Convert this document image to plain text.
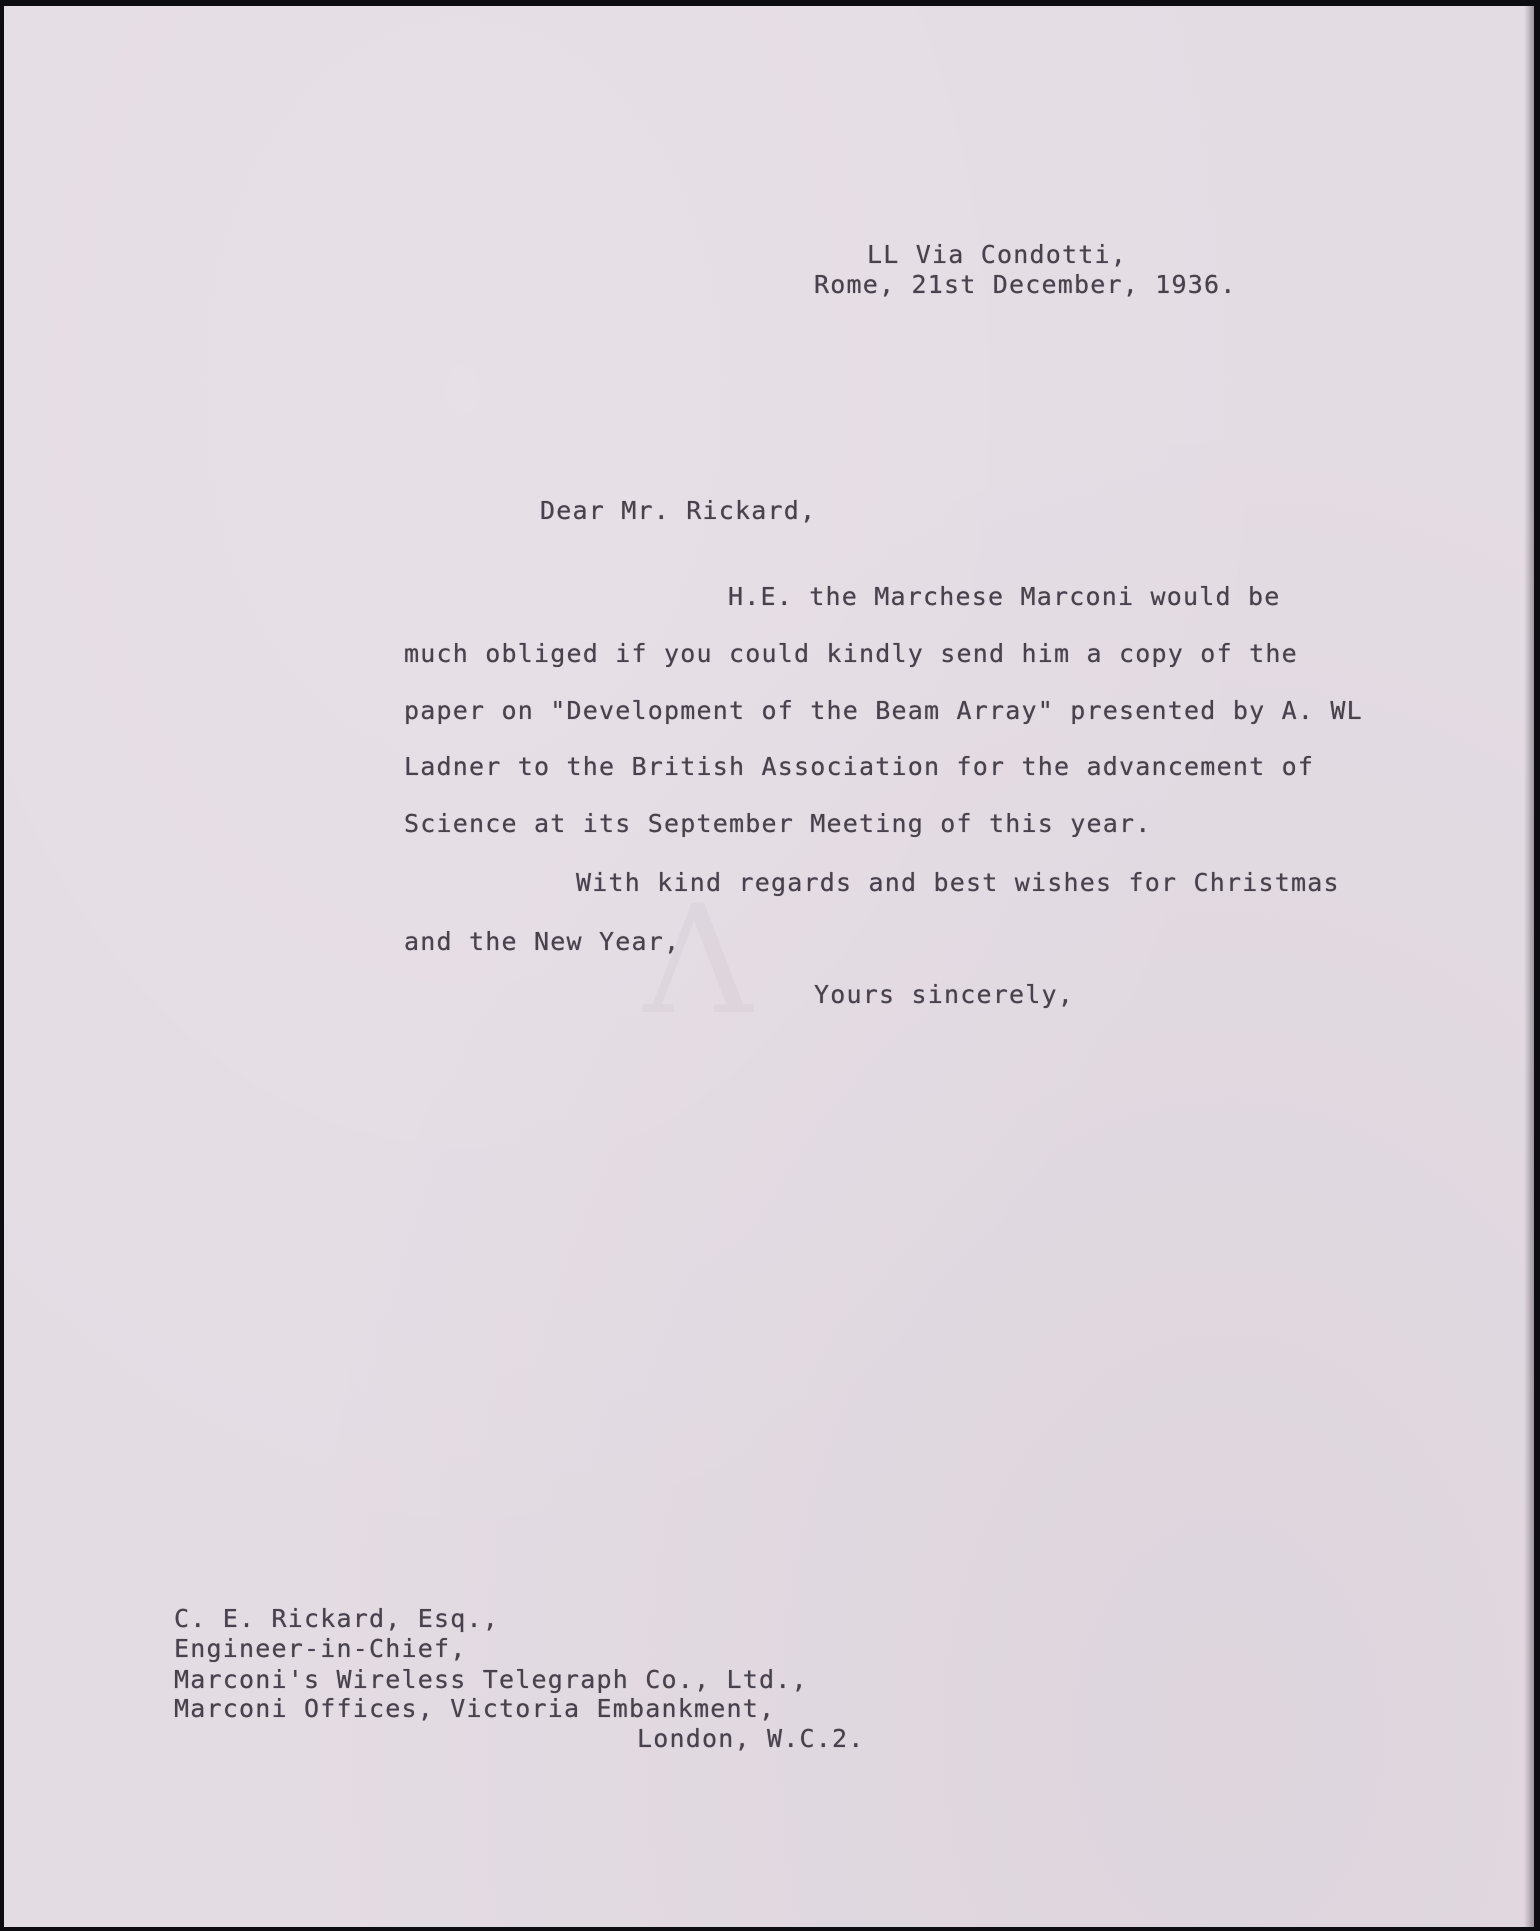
Ʌ

LL Via Condotti,

Rome, 21st December, 1936.

Dear Mr. Rickard,

H.E. the Marchese Marconi would be

much obliged if you could kindly send him a copy of the

paper on "Development of the Beam Array" presented by A. WL

Ladner to the British Association for the advancement of

Science at its September Meeting of this year.

With kind regards and best wishes for Christmas

and the New Year,

Yours sincerely,

C. E. Rickard, Esq.,

Engineer-in-Chief,

Marconi's Wireless Telegraph Co., Ltd.,

Marconi Offices, Victoria Embankment,

London, W.C.2.
